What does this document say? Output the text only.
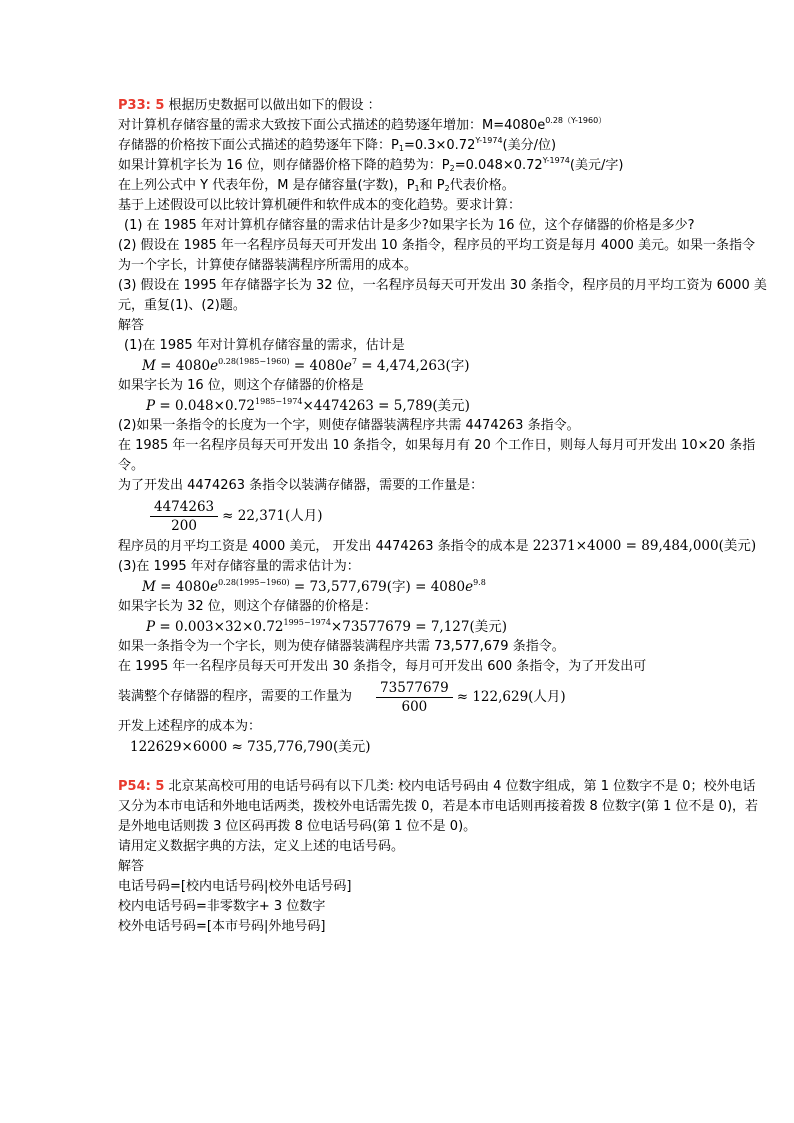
P33: 5 根据历史数据可以做出如下的假设 ：
对计算机存储容量的需求大致按下面公式描述的趋势逐年增加：$M=4080e^{0.28(Y-1960)}$
存储器的价格按下面公式描述的趋势逐年下降：$P_1=0.3\times 0.72^{Y-1974}$(美分/位)
如果计算机字长为 16 位，则存储器价格下降的趋势为：$P_2=0.048\times 0.72^{Y-1974}$(美元/字)
在上列公式中 Y 代表年份，M 是存储容量(字数)，$P_1$和 $P_2$代表价格。
基于上述假设可以比较计算机硬件和软件成本的变化趋势。要求计算：
(1) 在 1985 年对计算机存储容量的需求估计是多少?如果字长为 16 位，这个存储器的价格是多少?
(2) 假设在 1985 年一名程序员每天可开发出 10 条指令，程序员的平均工资是每月 4000 美元。如果一条指令为一个字长，计算使存储器装满程序所需用的成本。
(3) 假设在 1995 年存储器字长为 32 位，一名程序员每天可开发出 30 条指令，程序员的月平均工资为 6000 美元，重复(1)、(2)题。
解答
(1)在 1985 年对计算机存储容量的需求，估计是
$M = 4080e^{0.28(1985-1960)} = 4080e^7 = 4,474,263$(字)
如果字长为 16 位，则这个存储器的价格是
$P = 0.048\times 0.72^{1985-1974}\times 4474263 = 5,789$(美元)
(2)如果一条指令的长度为一个字，则使存储器装满程序共需 4474263 条指令。
在 1985 年一名程序员每天可开发出 10 条指令，如果每月有 20 个工作日，则每人每月可开发出 10×20 条指令。
为了开发出 4474263 条指令以装满存储器，需要的工作量是：
$\frac{4474263}{200} \approx 22,371$(人月)
程序员的月平均工资是 4000 美元， 开发出 4474263 条指令的成本是 22371×4000 = 89,484,000(美元)
(3)在 1995 年对存储容量的需求估计为：
$M = 4080e^{0.28(1995-1960)} = 73,577,679$(字) = $4080e^{9.8}$
如果字长为 32 位，则这个存储器的价格是：
$P = 0.003\times 32\times 0.72^{1995-1974}\times 73577679 = 7,127$(美元)
如果一条指令为一个字长，则为使存储器装满程序共需 73,577,679 条指令。
在 1995 年一名程序员每天可开发出 30 条指令，每月可开发出 600 条指令，为了开发出可
装满整个存储器的程序，需要的工作量为 $\frac{73577679}{600} \approx 122,629$(人月)
开发上述程序的成本为：
122629×6000 ≈ 735,776,790(美元)
P54: 5 北京某高校可用的电话号码有以下几类: 校内电话号码由 4 位数字组成，第 1 位数字不是 0；校外电话又分为本市电话和外地电话两类，拨校外电话需先拨 0，若是本市电话则再接着拨 8 位数字(第 1 位不是 0)，若是外地电话则拨 3 位区码再拨 8 位电话号码(第 1 位不是 0)。
请用定义数据字典的方法，定义上述的电话号码。
解答
电话号码=[校内电话号码|校外电话号码]
校内电话号码=非零数字+ 3 位数字
校外电话号码=[本市号码|外地号码]
